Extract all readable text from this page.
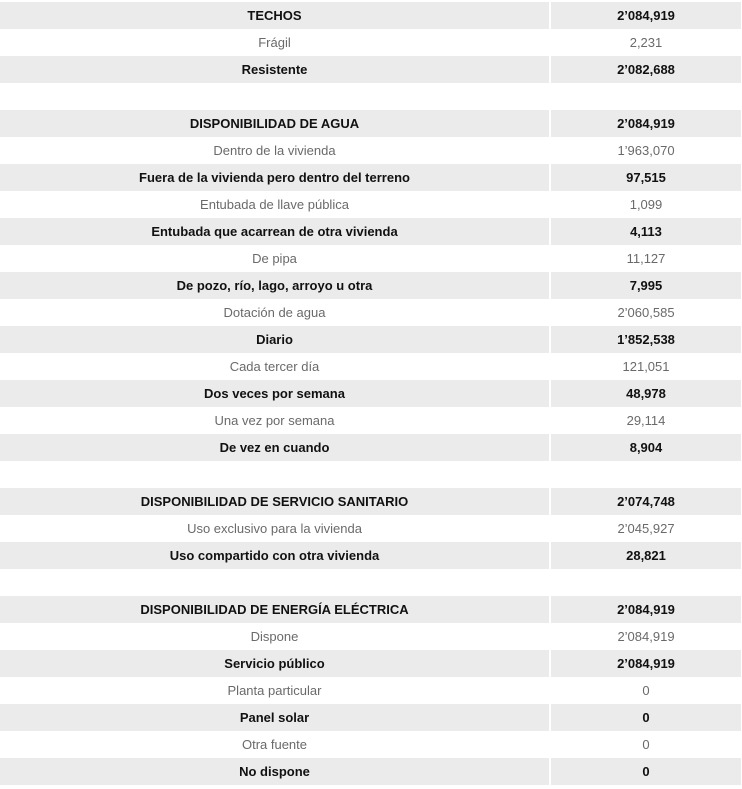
TECHOS	2’084,919
Frágil	2,231
Resistente	2’082,688
DISPONIBILIDAD DE AGUA	2’084,919
Dentro de la vivienda	1’963,070
Fuera de la vivienda pero dentro del terreno	97,515
Entubada de llave pública	1,099
Entubada que acarrean de otra vivienda	4,113
De pipa	11,127
De pozo, río, lago, arroyo u otra	7,995
Dotación de agua	2’060,585
Diario	1’852,538
Cada tercer día	121,051
Dos veces por semana	48,978
Una vez por semana	29,114
De vez en cuando	8,904
DISPONIBILIDAD DE SERVICIO SANITARIO	2’074,748
Uso exclusivo para la vivienda	2’045,927
Uso compartido con otra vivienda	28,821
DISPONIBILIDAD DE ENERGÍA ELÉCTRICA	2’084,919
Dispone	2’084,919
Servicio público	2’084,919
Planta particular	0
Panel solar	0
Otra fuente	0
No dispone	0
